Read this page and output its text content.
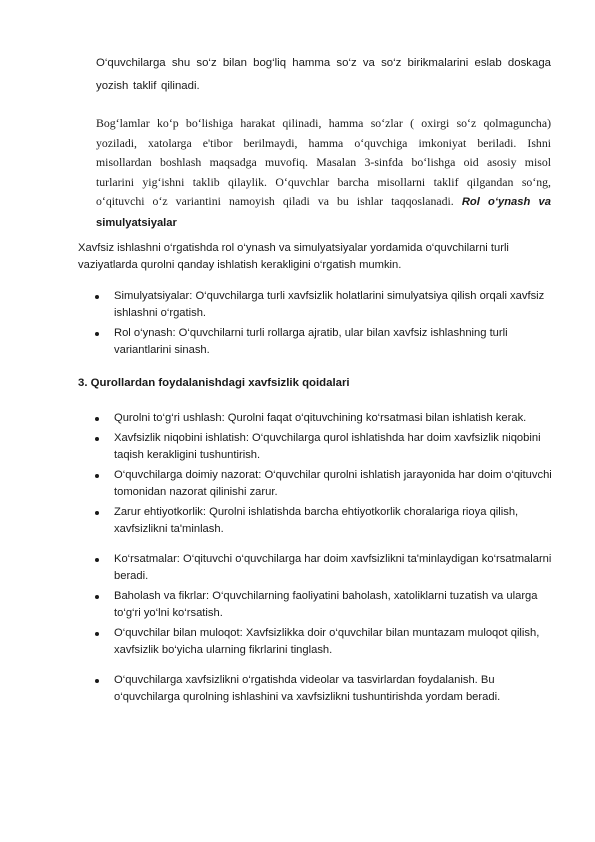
O‘quvchilarga shu so‘z bilan bog‘liq hamma so‘z va so‘z birikmalarini eslab doskaga yozish taklif qilinadi.
Bog‘lamlar ko‘p bo‘lishiga harakat qilinadi, hamma so‘zlar ( oxirgi so‘z qolmaguncha) yoziladi, xatolarga e'tibor berilmaydi, hamma o‘quvchiga imkoniyat beriladi. Ishni misollardan boshlash maqsadga muvofiq. Masalan 3-sinfda bo‘lishga oid asosiy misol turlarini yig‘ishni taklib qilaylik. O‘quvchlar barcha misollarni taklif qilgandan so‘ng, o‘qituvchi o‘z variantini namoyish qiladi va bu ishlar taqqoslanadi. Rol o‘ynash va simulyatsiyalar
Xavfsiz ishlashni o‘rgatishda rol o‘ynash va simulyatsiyalar yordamida o‘quvchilarni turli vaziyatlarda qurolni qanday ishlatish kerakligini o‘rgatish mumkin.
Simulyatsiyalar: O‘quvchilarga turli xavfsizlik holatlarini simulyatsiya qilish orqali xavfsiz ishlashni o‘rgatish.
Rol o‘ynash: O‘quvchilarni turli rollarga ajratib, ular bilan xavfsiz ishlashning turli variantlarini sinash.
3. Qurollardan foydalanishdagi xavfsizlik qoidalari
Qurolni to‘g‘ri ushlash: Qurolni faqat o‘qituvchining ko‘rsatmasi bilan ishlatish kerak.
Xavfsizlik niqobini ishlatish: O‘quvchilarga qurol ishlatishda har doim xavfsizlik niqobini taqish kerakligini tushuntirish.
O‘quvchilarga doimiy nazorat: O‘quvchilar qurolni ishlatish jarayonida har doim o‘qituvchi tomonidan nazorat qilinishi zarur.
Zarur ehtiyotkorlik: Qurolni ishlatishda barcha ehtiyotkorlik choralariga rioya qilish, xavfsizlikni ta'minlash.
Ko‘rsatmalar: O‘qituvchi o‘quvchilarga har doim xavfsizlikni ta'minlaydigan ko‘rsatmalarni beradi.
Baholash va fikrlar: O‘quvchilarning faoliyatini baholash, xatoliklarni tuzatish va ularga to‘g‘ri yo‘lni ko‘rsatish.
O‘quvchilar bilan muloqot: Xavfsizlikka doir o‘quvchilar bilan muntazam muloqot qilish, xavfsizlik bo‘yicha ularning fikrlarini tinglash.
O‘quvchilarga xavfsizlikni o‘rgatishda videolar va tasvirlardan foydalanish. Bu o‘quvchilarga qurolning ishlashini va xavfsizlikni tushuntirishda yordam beradi.
